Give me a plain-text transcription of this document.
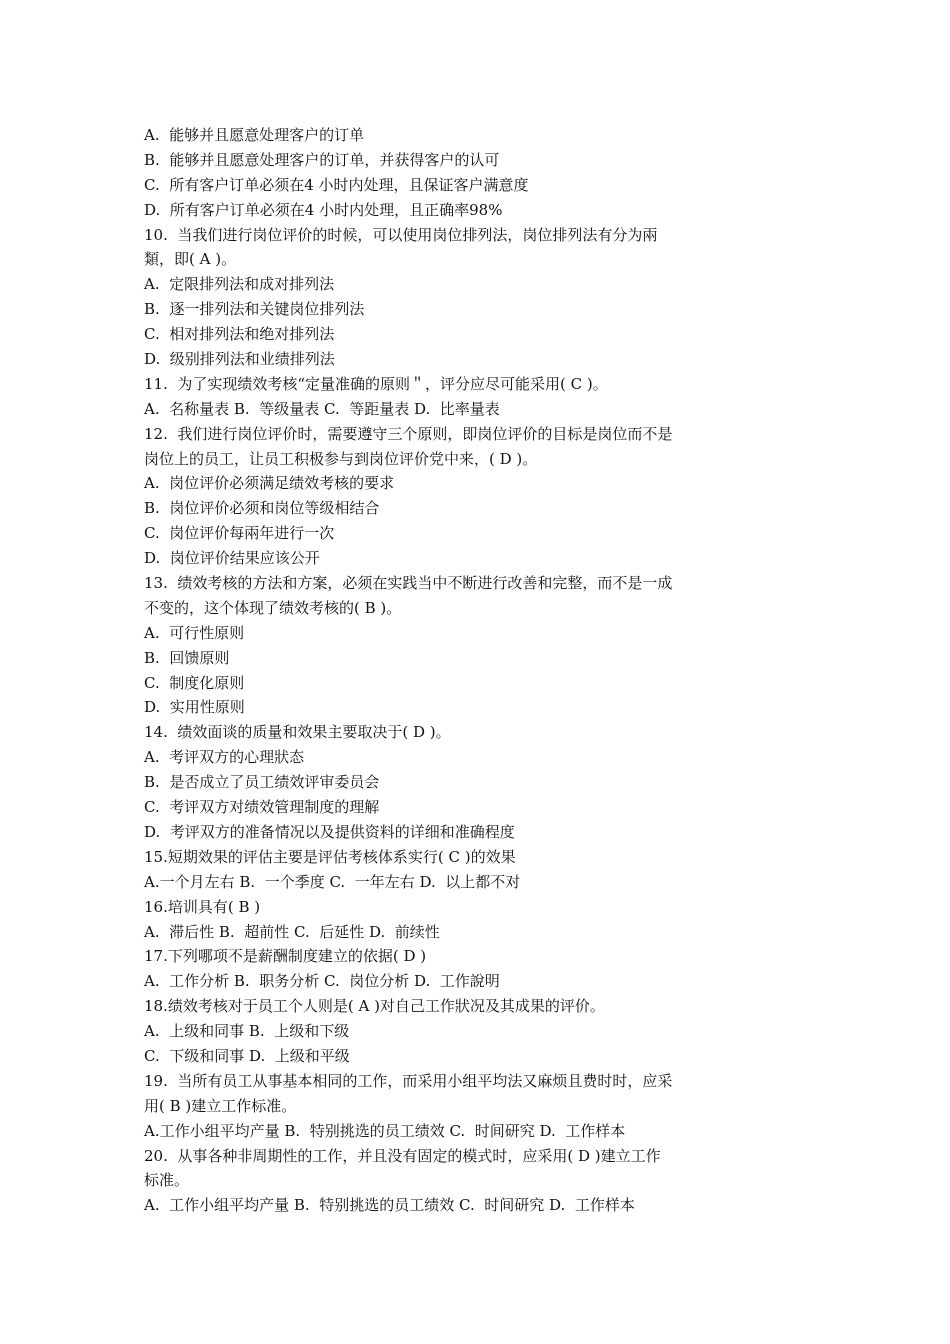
A.  能够并且愿意处理客户的订单
B.  能够并且愿意处理客户的订单，并获得客户的认可
C.  所有客户订单必须在4 小时内处理，且保证客户满意度
D.  所有客户订单必须在4 小时内处理，且正确率98%
10.  当我们进行岗位评价的时候，可以使用岗位排列法，岗位排列法有分为兩
類，即( A )。
A.  定限排列法和成对排列法
B.  逐一排列法和关键岗位排列法
C.  相对排列法和绝对排列法
D.  级别排列法和业绩排列法
11.  为了实现绩效考核“定量准确的原则＂，评分应尽可能采用( C )。
A.  名称量表 B.  等级量表 C.  等距量表 D.  比率量表
12.  我们进行岗位评价时，需要遵守三个原则，即岗位评价的目标是岗位而不是
岗位上的员工，让员工积极参与到岗位评价党中来，( D )。
A.  岗位评价必须满足绩效考核的要求
B.  岗位评价必须和岗位等级相结合
C.  岗位评价每兩年进行一次
D.  岗位评价结果应该公开
13.  绩效考核的方法和方案，必须在实践当中不断进行改善和完整，而不是一成
不变的，这个体现了绩效考核的( B )。
A.  可行性原则
B.  回馈原则
C.  制度化原则
D.  实用性原则
14.  绩效面谈的质量和效果主要取决于( D )。
A.  考评双方的心理狀态
B.  是否成立了员工绩效评审委员会
C.  考评双方对绩效管理制度的理解
D.  考评双方的准备情况以及提供资料的详细和准确程度
15.短期效果的评估主要是评估考核体系实行( C )的效果
A.一个月左右 B.  一个季度 C.  一年左右 D.  以上都不对
16.培训具有( B )
A.  滞后性 B.  超前性 C.  后延性 D.  前续性
17.下列哪项不是薪酬制度建立的依据( D )
A.  工作分析 B.  职务分析 C.  岗位分析 D.  工作說明
18.绩效考核对于员工个人则是( A )对自己工作狀况及其成果的评价。
A.  上级和同事 B.  上级和下级
C.  下级和同事 D.  上级和平级
19.  当所有员工从事基本相同的工作，而采用小组平均法又麻烦且费时时，应采
用( B )建立工作标准。
A.工作小组平均产量 B.  特别挑选的员工绩效 C.  时间研究 D.  工作样本
20.  从事各种非周期性的工作，并且没有固定的模式时，应采用( D )建立工作
标准。
A.  工作小组平均产量 B.  特别挑选的员工绩效 C.  时间研究 D.  工作样本
